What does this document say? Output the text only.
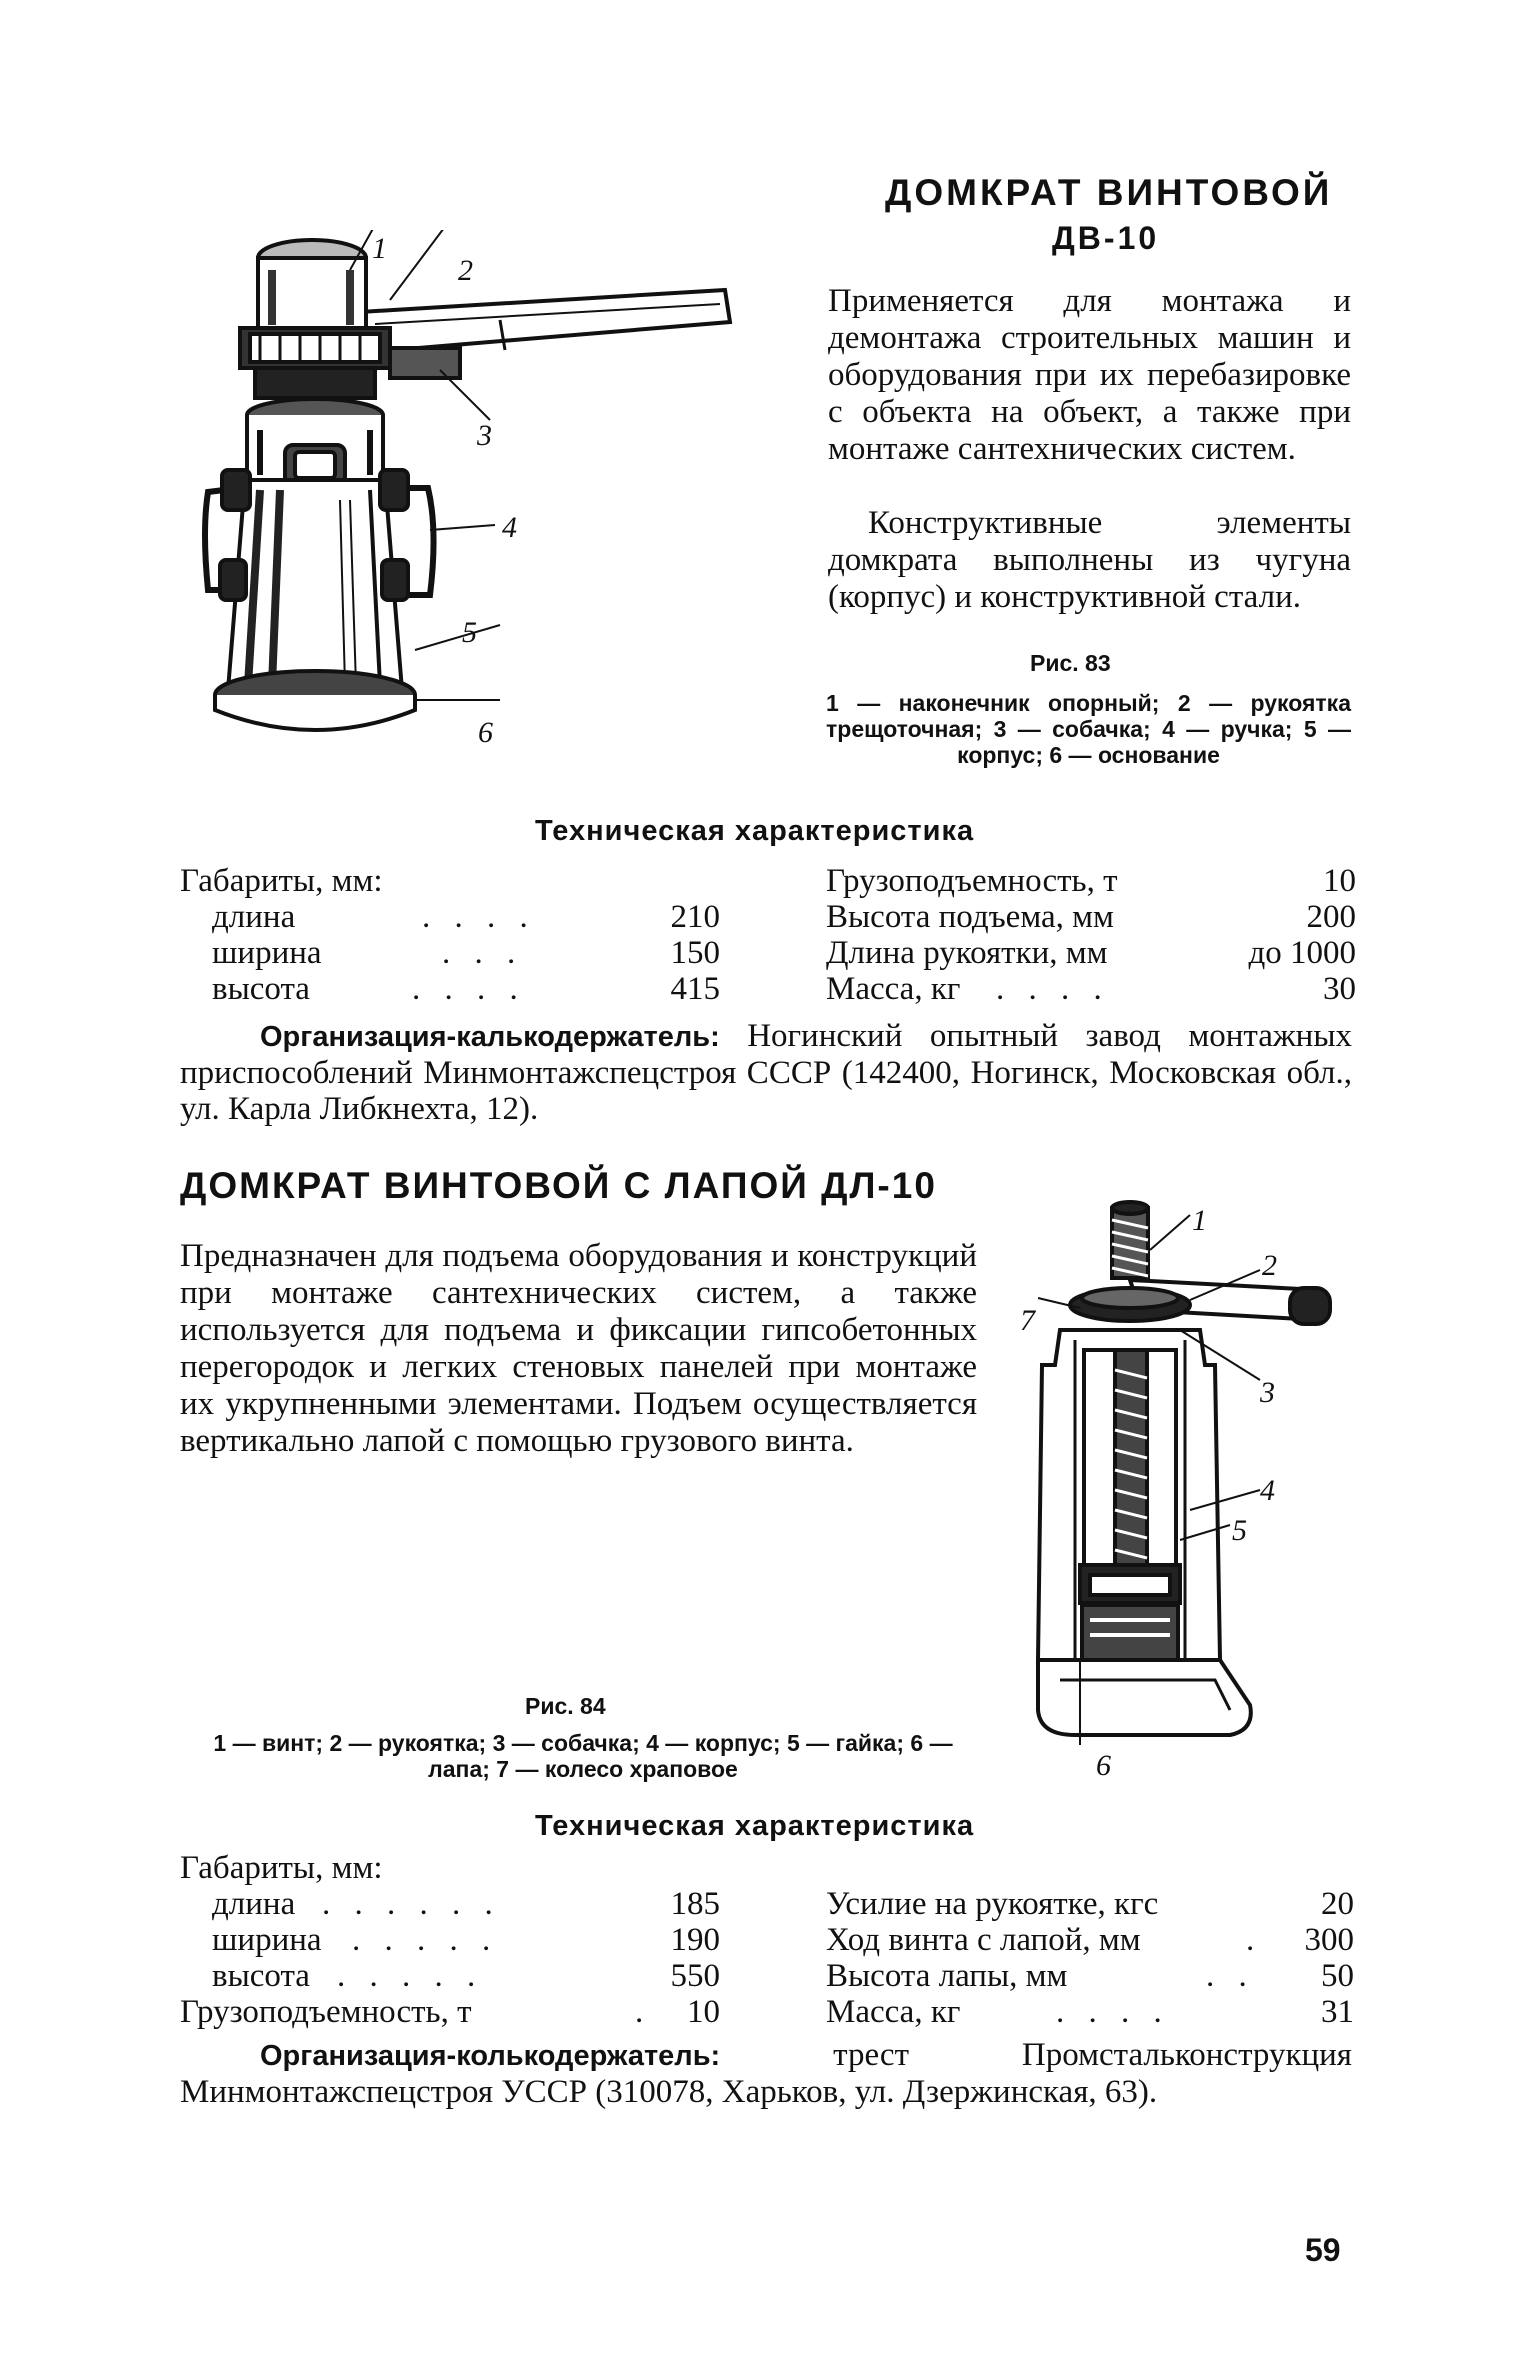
1
2
3
4
5
6
ДОМКРАТ ВИНТОВОЙ
ДВ-10
Применяется для монтажа и демонтажа строительных машин и оборудования при их перебазировке с объекта на объект, а также при монтаже сантехнических систем.
Конструктивные элементы домкрата выполнены из чугуна (корпус) и конструктивной стали.
Рис. 83
1 — наконечник опорный; 2 — рукоятка трещоточная; 3 — собачка; 4 — ручка; 5 — корпус; 6 — основание
Техническая характеристика
Габариты, мм:
длина	. . . .	210
ширина	. . .	150
высота	. . . .	415
Грузоподъемность, т	10
Высота подъема, мм	200
Длина рукоятки, мм	до 1000
Масса, кг . . . .	30
Организация-калькодержатель: Ногинский опытный завод монтажных приспособлений Минмонтажспецстроя СССР (142400, Ногинск, Московская обл., ул. Карла Либкнехта, 12).
ДОМКРАТ ВИНТОВОЙ С ЛАПОЙ ДЛ-10
Предназначен для подъема оборудования и конструкций при монтаже сантехнических систем, а также используется для подъема и фиксации гипсобетонных перегородок и легких стеновых панелей при монтаже их укрупненными элементами. Подъем осуществляется вертикально лапой с помощью грузового винта.
1
2
3
4
5
6
7
Рис. 84
1 — винт; 2 — рукоятка; 3 — собачка; 4 — корпус; 5 — гайка; 6 — лапа; 7 — колесо храповое
Техническая характеристика
Габариты, мм:
длина . . . . . .	185
ширина . . . . .	190
высота . . . . .	550
Грузоподъемность, т	. 10
Усилие на рукоятке, кгс	20
Ход винта с лапой, мм	. 300
Высота лапы, мм	. . 50
Масса, кг	. . . .	31
Организация-колькодержатель:	трест Промстальконструкция Минмонтажспецстроя УССР (310078, Харьков, ул. Дзержинская, 63).
59
